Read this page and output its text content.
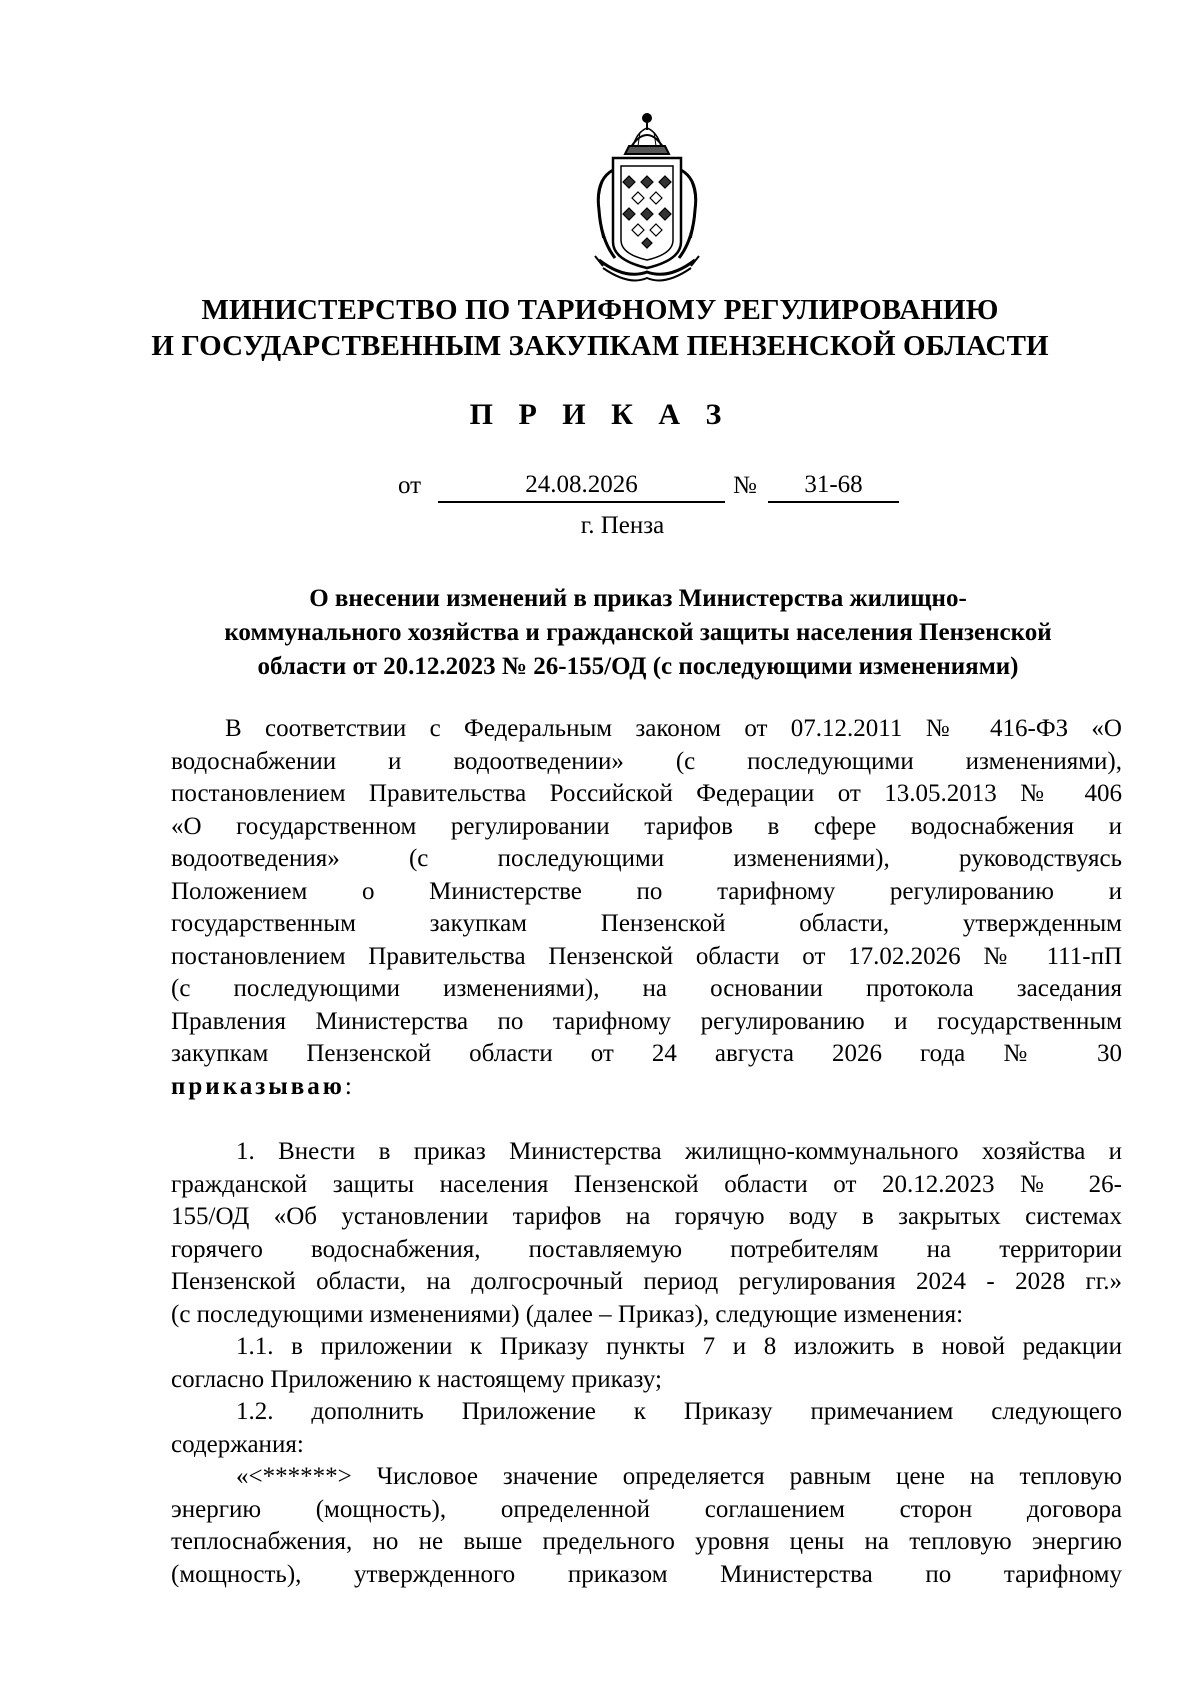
МИНИСТЕРСТВО ПО ТАРИФНОМУ РЕГУЛИРОВАНИЮ
И ГОСУДАРСТВЕННЫМ ЗАКУПКАМ ПЕНЗЕНСКОЙ ОБЛАСТИ
П Р И К А З
от	24.08.2026	№	31-68
г. Пенза
О внесении изменений в приказ Министерства жилищно-
коммунального хозяйства и гражданской защиты населения Пензенской
области от 20.12.2023 № 26-155/ОД (с последующими изменениями)
В соответствии с Федеральным законом от 07.12.2011 № 416-ФЗ «О
водоснабжении и водоотведении» (с последующими изменениями),
постановлением Правительства Российской Федерации от 13.05.2013 № 406
«О государственном регулировании тарифов в сфере водоснабжения и
водоотведения» (с последующими изменениями), руководствуясь
Положением о Министерстве по тарифному регулированию и
государственным закупкам Пензенской области, утвержденным
постановлением Правительства Пензенской области от 17.02.2026 № 111-пП
(с последующими изменениями), на основании протокола заседания
Правления Министерства по тарифному регулированию и государственным
закупкам Пензенской области от 24 августа 2026 года № 30
приказываю:
1. Внести в приказ Министерства жилищно-коммунального хозяйства и
гражданской защиты населения Пензенской области от 20.12.2023 № 26-
155/ОД «Об установлении тарифов на горячую воду в закрытых системах
горячего водоснабжения, поставляемую потребителям на территории
Пензенской области, на долгосрочный период регулирования 2024 - 2028 гг.»
(с последующими изменениями) (далее – Приказ), следующие изменения:
1.1. в приложении к Приказу пункты 7 и 8 изложить в новой редакции
согласно Приложению к настоящему приказу;
1.2. дополнить Приложение к Приказу примечанием следующего
содержания:
«<******> Числовое значение определяется равным цене на тепловую
энергию (мощность), определенной соглашением сторон договора
теплоснабжения, но не выше предельного уровня цены на тепловую энергию
(мощность), утвержденного приказом Министерства по тарифному
